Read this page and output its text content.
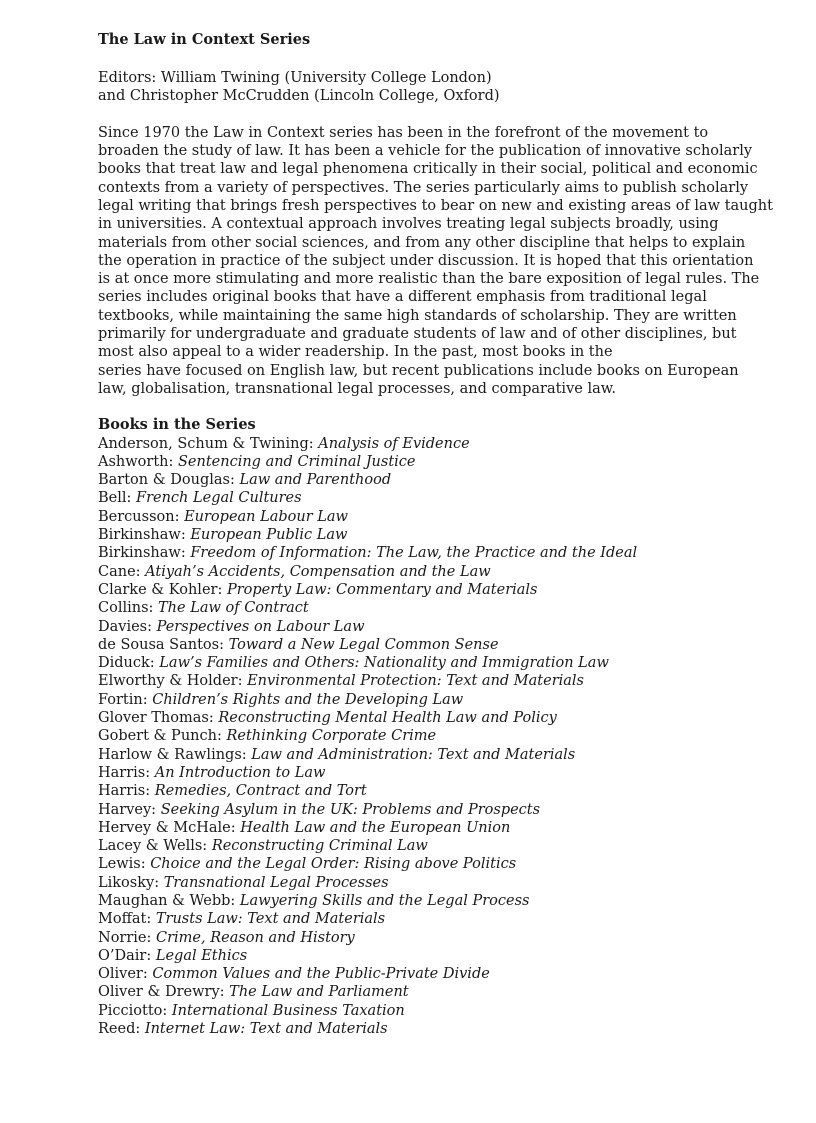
The Law in Context Series

Editors: William Twining (University College London)
and Christopher McCrudden (Lincoln College, Oxford)

Since 1970 the Law in Context series has been in the forefront of the movement to
broaden the study of law. It has been a vehicle for the publication of innovative scholarly
books that treat law and legal phenomena critically in their social, political and economic
contexts from a variety of perspectives. The series particularly aims to publish scholarly
legal writing that brings fresh perspectives to bear on new and existing areas of law taught
in universities. A contextual approach involves treating legal subjects broadly, using
materials from other social sciences, and from any other discipline that helps to explain
the operation in practice of the subject under discussion. It is hoped that this orientation
is at once more stimulating and more realistic than the bare exposition of legal rules. The
series includes original books that have a different emphasis from traditional legal
textbooks, while maintaining the same high standards of scholarship. They are written
primarily for undergraduate and graduate students of law and of other disciplines, but
most also appeal to a wider readership. In the past, most books in the
series have focused on English law, but recent publications include books on European
law, globalisation, transnational legal processes, and comparative law.

Books in the Series
Anderson, Schum & Twining: Analysis of Evidence
Ashworth: Sentencing and Criminal Justice
Barton & Douglas: Law and Parenthood
Bell: French Legal Cultures
Bercusson: European Labour Law
Birkinshaw: European Public Law
Birkinshaw: Freedom of Information: The Law, the Practice and the Ideal
Cane: Atiyah’s Accidents, Compensation and the Law
Clarke & Kohler: Property Law: Commentary and Materials
Collins: The Law of Contract
Davies: Perspectives on Labour Law
de Sousa Santos: Toward a New Legal Common Sense
Diduck: Law’s Families and Others: Nationality and Immigration Law
Elworthy & Holder: Environmental Protection: Text and Materials
Fortin: Children’s Rights and the Developing Law
Glover Thomas: Reconstructing Mental Health Law and Policy
Gobert & Punch: Rethinking Corporate Crime
Harlow & Rawlings: Law and Administration: Text and Materials
Harris: An Introduction to Law
Harris: Remedies, Contract and Tort
Harvey: Seeking Asylum in the UK: Problems and Prospects
Hervey & McHale: Health Law and the European Union
Lacey & Wells: Reconstructing Criminal Law
Lewis: Choice and the Legal Order: Rising above Politics
Likosky: Transnational Legal Processes
Maughan & Webb: Lawyering Skills and the Legal Process
Moffat: Trusts Law: Text and Materials
Norrie: Crime, Reason and History
O’Dair: Legal Ethics
Oliver: Common Values and the Public-Private Divide
Oliver & Drewry: The Law and Parliament
Picciotto: International Business Taxation
Reed: Internet Law: Text and Materials
